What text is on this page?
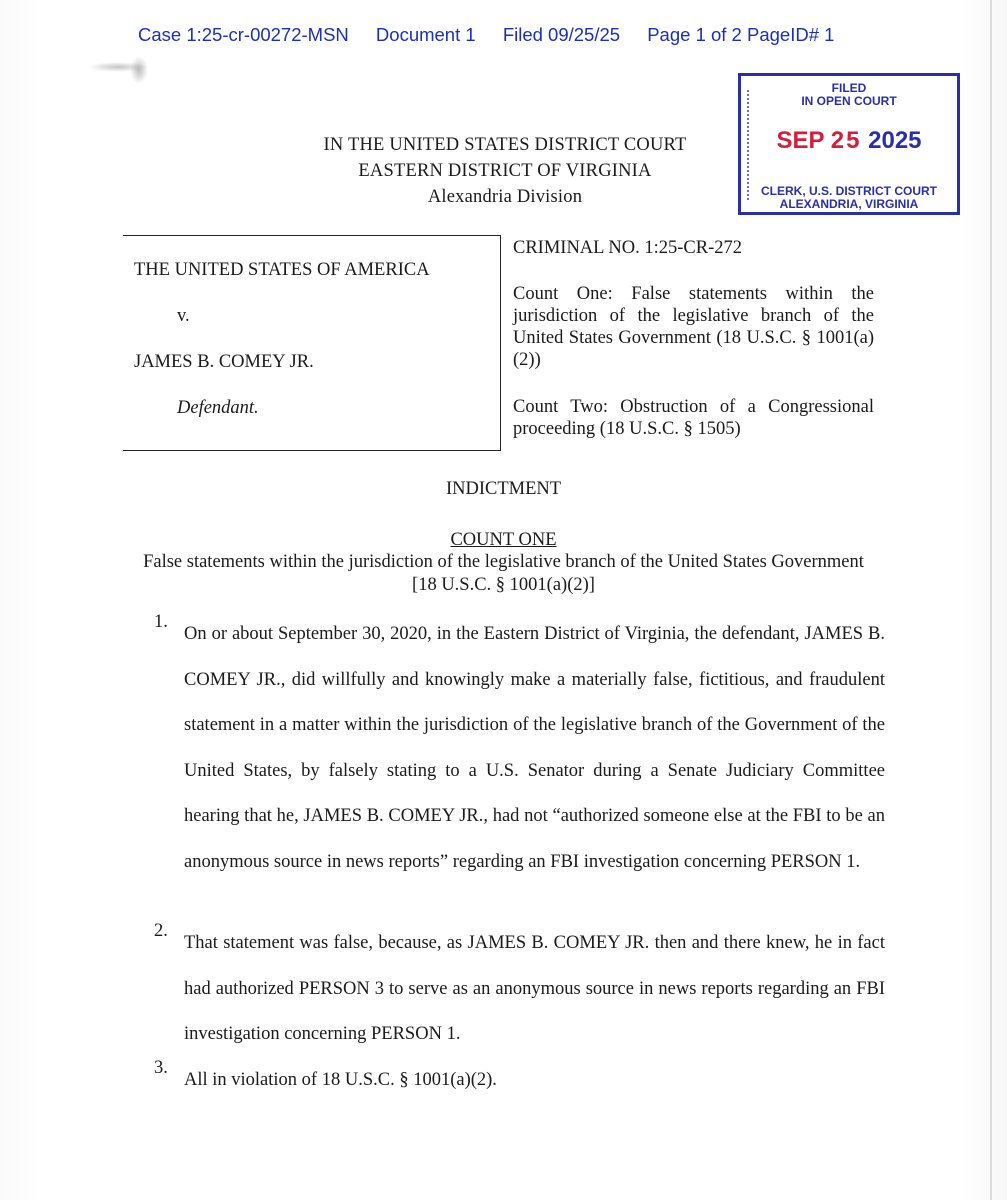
Case 1:25-cr-00272-MSN Document 1 Filed 09/25/25 Page 1 of 2 PageID# 1
IN THE UNITED STATES DISTRICT COURT
EASTERN DISTRICT OF VIRGINIA
Alexandria Division
FILED
IN OPEN COURT
SEP 25 2025
CLERK, U.S. DISTRICT COURT
ALEXANDRIA, VIRGINIA
THE UNITED STATES OF AMERICA
v.
JAMES B. COMEY JR.
Defendant.
CRIMINAL NO. 1:25-CR-272
Count One: False statements within the jurisdiction of the legislative branch of the United States Government (18 U.S.C. § 1001(a)(2))
Count Two: Obstruction of a Congressional proceeding (18 U.S.C. § 1505)
INDICTMENT
COUNT ONE
False statements within the jurisdiction of the legislative branch of the United States Government
[18 U.S.C. § 1001(a)(2)]
1.
On or about September 30, 2020, in the Eastern District of Virginia, the defendant, JAMES B. COMEY JR., did willfully and knowingly make a materially false, fictitious, and fraudulent statement in a matter within the jurisdiction of the legislative branch of the Government of the United States, by falsely stating to a U.S. Senator during a Senate Judiciary Committee hearing that he, JAMES B. COMEY JR., had not “authorized someone else at the FBI to be an anonymous source in news reports” regarding an FBI investigation concerning PERSON 1.
2.
That statement was false, because, as JAMES B. COMEY JR. then and there knew, he in fact had authorized PERSON 3 to serve as an anonymous source in news reports regarding an FBI investigation concerning PERSON 1.
3.
All in violation of 18 U.S.C. § 1001(a)(2).
